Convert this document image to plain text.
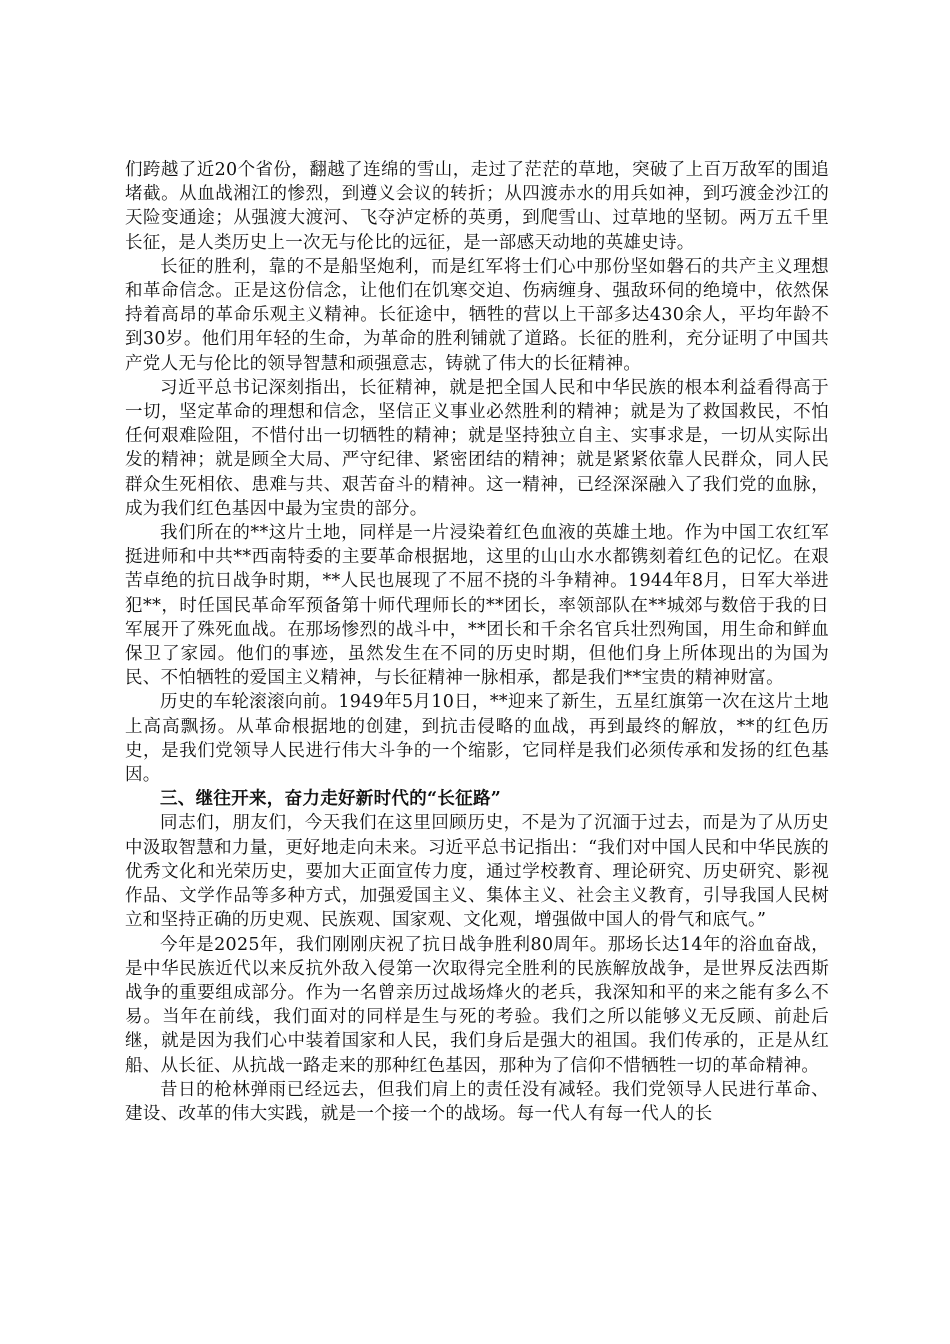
们跨越了近20个省份，翻越了连绵的雪山，走过了茫茫的草地，突破了上百万敌军的围追堵截。从血战湘江的惨烈，到遵义会议的转折；从四渡赤水的用兵如神，到巧渡金沙江的天险变通途；从强渡大渡河、飞夺泸定桥的英勇，到爬雪山、过草地的坚韧。两万五千里长征，是人类历史上一次无与伦比的远征，是一部感天动地的英雄史诗。

长征的胜利，靠的不是船坚炮利，而是红军将士们心中那份坚如磐石的共产主义理想和革命信念。正是这份信念，让他们在饥寒交迫、伤病缠身、强敌环伺的绝境中，依然保持着高昂的革命乐观主义精神。长征途中，牺牲的营以上干部多达430余人，平均年龄不到30岁。他们用年轻的生命，为革命的胜利铺就了道路。长征的胜利，充分证明了中国共产党人无与伦比的领导智慧和顽强意志，铸就了伟大的长征精神。

习近平总书记深刻指出，长征精神，就是把全国人民和中华民族的根本利益看得高于一切，坚定革命的理想和信念，坚信正义事业必然胜利的精神；就是为了救国救民，不怕任何艰难险阻，不惜付出一切牺牲的精神；就是坚持独立自主、实事求是，一切从实际出发的精神；就是顾全大局、严守纪律、紧密团结的精神；就是紧紧依靠人民群众，同人民群众生死相依、患难与共、艰苦奋斗的精神。这一精神，已经深深融入了我们党的血脉，成为我们红色基因中最为宝贵的部分。

我们所在的**这片土地，同样是一片浸染着红色血液的英雄土地。作为中国工农红军挺进师和中共**西南特委的主要革命根据地，这里的山山水水都镌刻着红色的记忆。在艰苦卓绝的抗日战争时期，**人民也展现了不屈不挠的斗争精神。1944年8月，日军大举进犯**，时任国民革命军预备第十师代理师长的**团长，率领部队在**城郊与数倍于我的日军展开了殊死血战。在那场惨烈的战斗中，**团长和千余名官兵壮烈殉国，用生命和鲜血保卫了家园。他们的事迹，虽然发生在不同的历史时期，但他们身上所体现出的为国为民、不怕牺牲的爱国主义精神，与长征精神一脉相承，都是我们**宝贵的精神财富。

历史的车轮滚滚向前。1949年5月10日，**迎来了新生，五星红旗第一次在这片土地上高高飘扬。从革命根据地的创建，到抗击侵略的血战，再到最终的解放，**的红色历史，是我们党领导人民进行伟大斗争的一个缩影，它同样是我们必须传承和发扬的红色基因。

三、继往开来，奋力走好新时代的“长征路”

同志们，朋友们，今天我们在这里回顾历史，不是为了沉湎于过去，而是为了从历史中汲取智慧和力量，更好地走向未来。习近平总书记指出：“我们对中国人民和中华民族的优秀文化和光荣历史，要加大正面宣传力度，通过学校教育、理论研究、历史研究、影视作品、文学作品等多种方式，加强爱国主义、集体主义、社会主义教育，引导我国人民树立和坚持正确的历史观、民族观、国家观、文化观，增强做中国人的骨气和底气。”

今年是2025年，我们刚刚庆祝了抗日战争胜利80周年。那场长达14年的浴血奋战，是中华民族近代以来反抗外敌入侵第一次取得完全胜利的民族解放战争，是世界反法西斯战争的重要组成部分。作为一名曾亲历过战场烽火的老兵，我深知和平的来之能有多么不易。当年在前线，我们面对的同样是生与死的考验。我们之所以能够义无反顾、前赴后继，就是因为我们心中装着国家和人民，我们身后是强大的祖国。我们传承的，正是从红船、从长征、从抗战一路走来的那种红色基因，那种为了信仰不惜牺牲一切的革命精神。

昔日的枪林弹雨已经远去，但我们肩上的责任没有减轻。我们党领导人民进行革命、建设、改革的伟大实践，就是一个接一个的战场。每一代人有每一代人的长
